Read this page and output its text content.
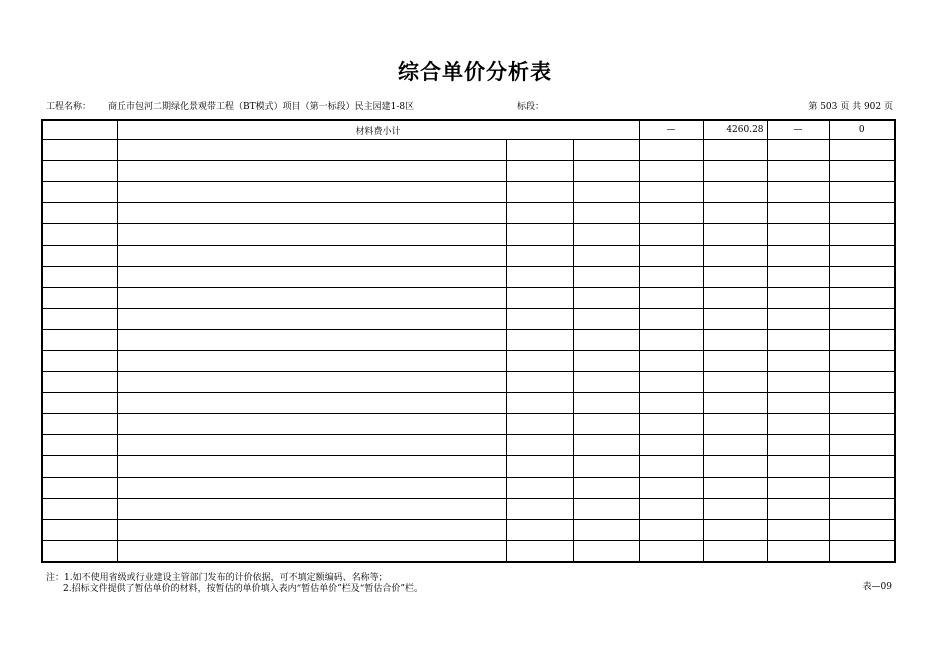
综合单价分析表
工程名称： 商丘市包河二期绿化景观带工程（BT模式）项目（第一标段）民主园建1-8区	标段：	第 503 页 共 902 页
	材料费小计			—	4260.28	—	0

注：1.如不使用省级或行业建设主管部门发布的计价依据，可不填定额编码、名称等；
2.招标文件提供了暂估单价的材料，按暂估的单价填入表内“暂估单价”栏及“暂估合价”栏。	表—09
